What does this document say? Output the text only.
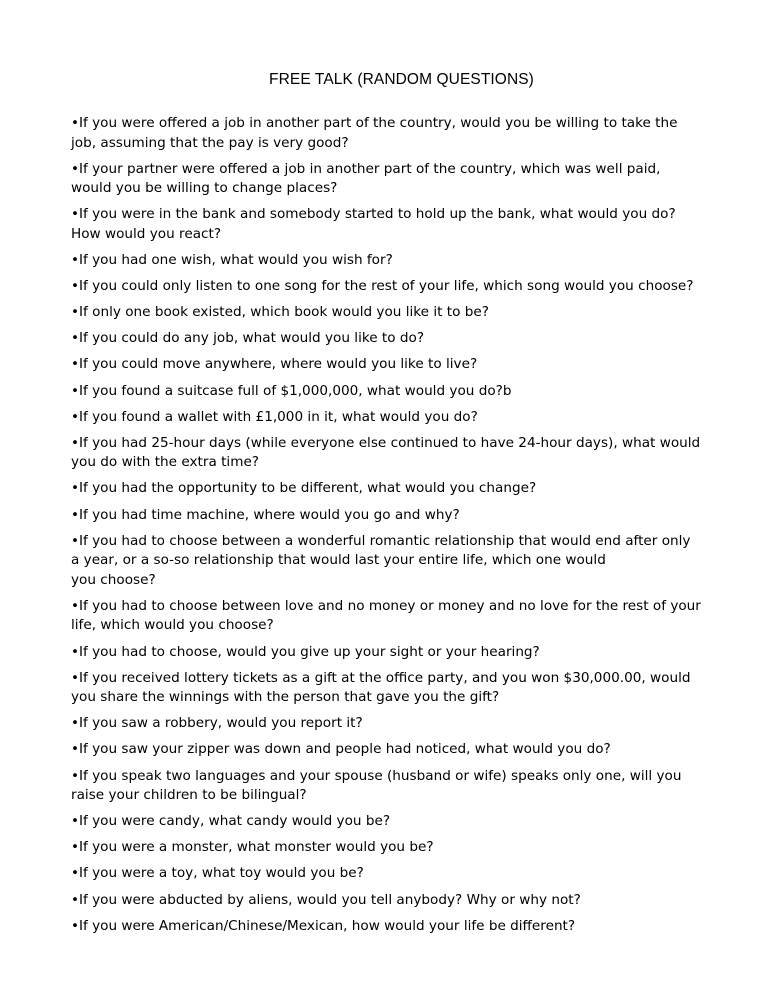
FREE TALK (RANDOM QUESTIONS)
•If you were offered a job in another part of the country, would you be willing to take the
job, assuming that the pay is very good?
•If your partner were offered a job in another part of the country, which was well paid,
would you be willing to change places?
•If you were in the bank and somebody started to hold up the bank, what would you do?
How would you react?
•If you had one wish, what would you wish for?
•If you could only listen to one song for the rest of your life, which song would you choose?
•If only one book existed, which book would you like it to be?
•If you could do any job, what would you like to do?
•If you could move anywhere, where would you like to live?
•If you found a suitcase full of $1,000,000, what would you do?b
•If you found a wallet with £1,000 in it, what would you do?
•If you had 25-hour days (while everyone else continued to have 24-hour days), what would
you do with the extra time?
•If you had the opportunity to be different, what would you change?
•If you had time machine, where would you go and why?
•If you had to choose between a wonderful romantic relationship that would end after only
a year, or a so-so relationship that would last your entire life, which one would
you choose?
•If you had to choose between love and no money or money and no love for the rest of your
life, which would you choose?
•If you had to choose, would you give up your sight or your hearing?
•If you received lottery tickets as a gift at the office party, and you won $30,000.00, would
you share the winnings with the person that gave you the gift?
•If you saw a robbery, would you report it?
•If you saw your zipper was down and people had noticed, what would you do?
•If you speak two languages and your spouse (husband or wife) speaks only one, will you
raise your children to be bilingual?
•If you were candy, what candy would you be?
•If you were a monster, what monster would you be?
•If you were a toy, what toy would you be?
•If you were abducted by aliens, would you tell anybody? Why or why not?
•If you were American/Chinese/Mexican, how would your life be different?
